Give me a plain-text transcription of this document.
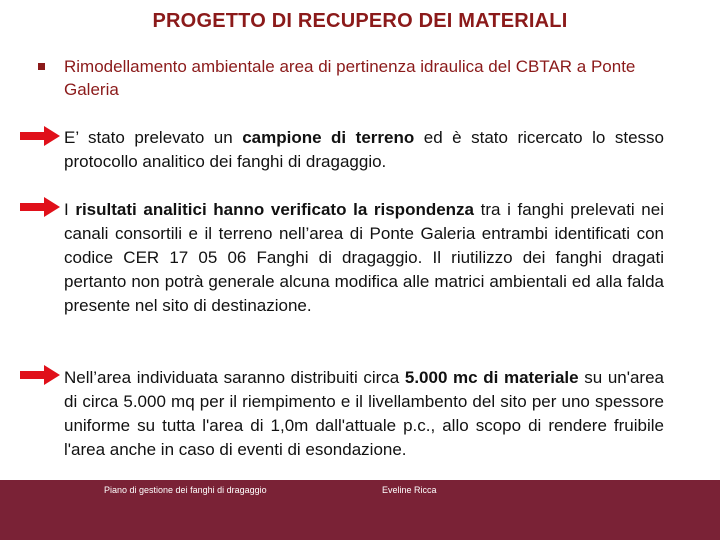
PROGETTO DI RECUPERO DEI MATERIALI
Rimodellamento ambientale area di pertinenza idraulica del CBTAR a Ponte Galeria
E’ stato prelevato un campione di terreno ed è stato ricercato lo stesso protocollo analitico dei fanghi di dragaggio.
I risultati analitici hanno verificato la rispondenza tra i fanghi prelevati nei canali consortili e il terreno nell’area di Ponte Galeria entrambi identificati con codice CER 17 05 06 Fanghi di dragaggio. Il riutilizzo dei fanghi dragati pertanto non potrà generale alcuna modifica alle matrici ambientali ed alla falda presente nel sito di destinazione.
Nell’area individuata saranno distribuiti circa 5.000 mc di materiale su un'area di circa 5.000 mq per il riempimento e il livellambento del sito per uno spessore uniforme su tutta l'area di 1,0m dall'attuale p.c., allo scopo di rendere fruibile l'area anche in caso di eventi di esondazione.
Piano di gestione dei fanghi di dragaggio	Eveline Ricca
